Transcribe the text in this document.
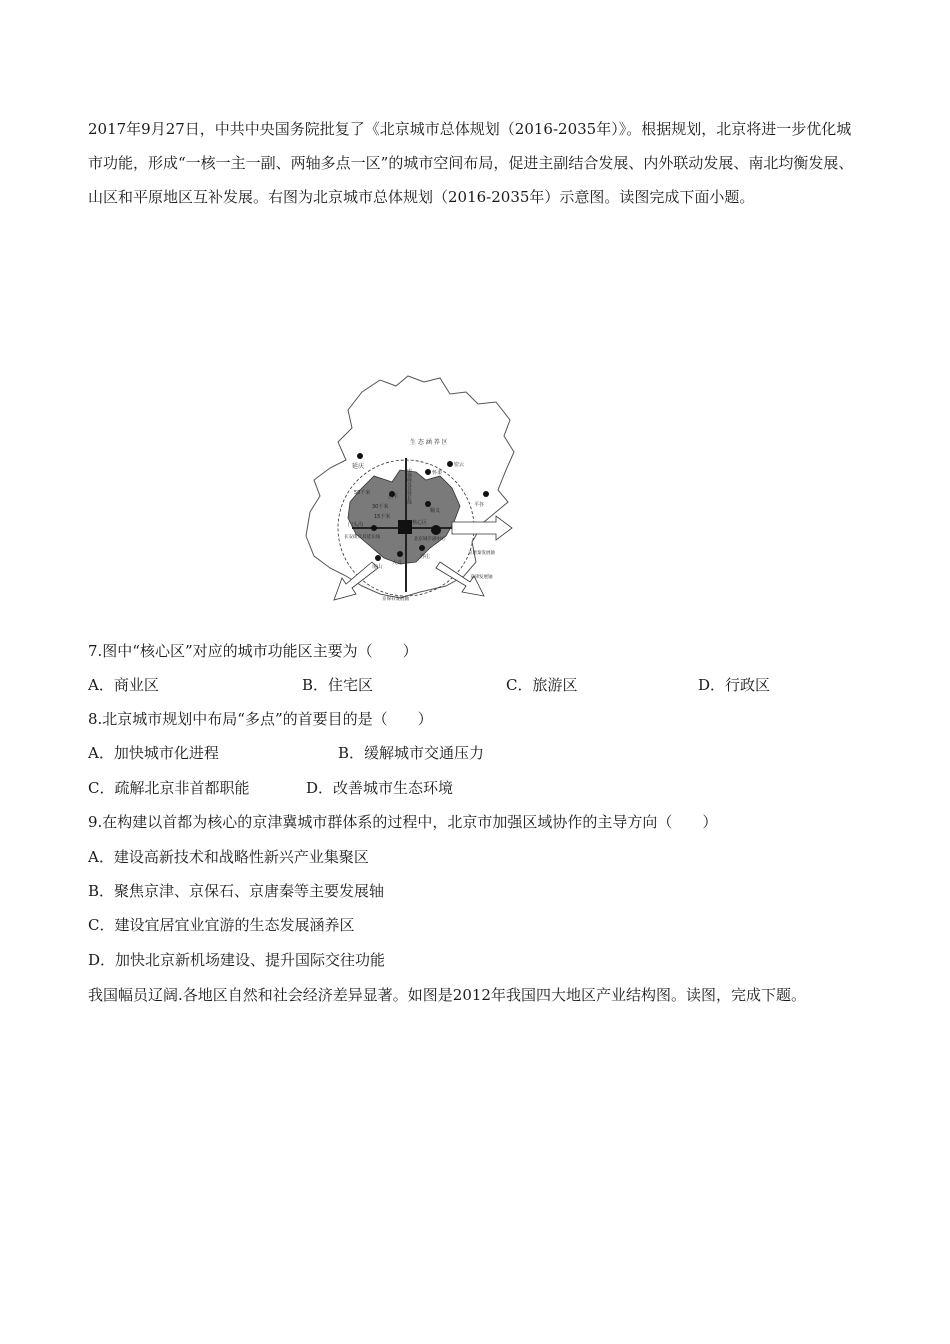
2017年9月27日，中共中央国务院批复了《北京城市总体规划（2016-2035年）》。根据规划，北京将进一步优化城市功能，形成“一核一主一副、两轴多点一区”的城市空间布局，促进主副结合发展、内外联动发展、南北均衡发展、山区和平原地区互补发展。右图为北京城市总体规划（2016-2035年）示意图。读图完成下面小题。

生 态 涵 养 区
延庆
怀柔
密云
平谷
昌平
顺义
50千米
30千米
15千米
门头沟
长安街及其延长线
核心区
北京城市副中心
中轴线及其延长线
房山
大兴
亦庄
京唐秦发展轴
京津发展轴
京保石发展轴
7.图中“核心区”对应的城市功能区主要为（　　）
A．商业区	B．住宅区	C．旅游区	D．行政区
8.北京城市规划中布局“多点”的首要目的是（　　）
A．加快城市化进程	B．缓解城市交通压力
C．疏解北京非首都职能	D．改善城市生态环境
9.在构建以首都为核心的京津冀城市群体系的过程中，北京市加强区域协作的主导方向（　　）
A．建设高新技术和战略性新兴产业集聚区
B．聚焦京津、京保石、京唐秦等主要发展轴
C．建设宜居宜业宜游的生态发展涵养区
D．加快北京新机场建设、提升国际交往功能

我国幅员辽阔.各地区自然和社会经济差异显著。如图是2012年我国四大地区产业结构图。读图，完成下题。
